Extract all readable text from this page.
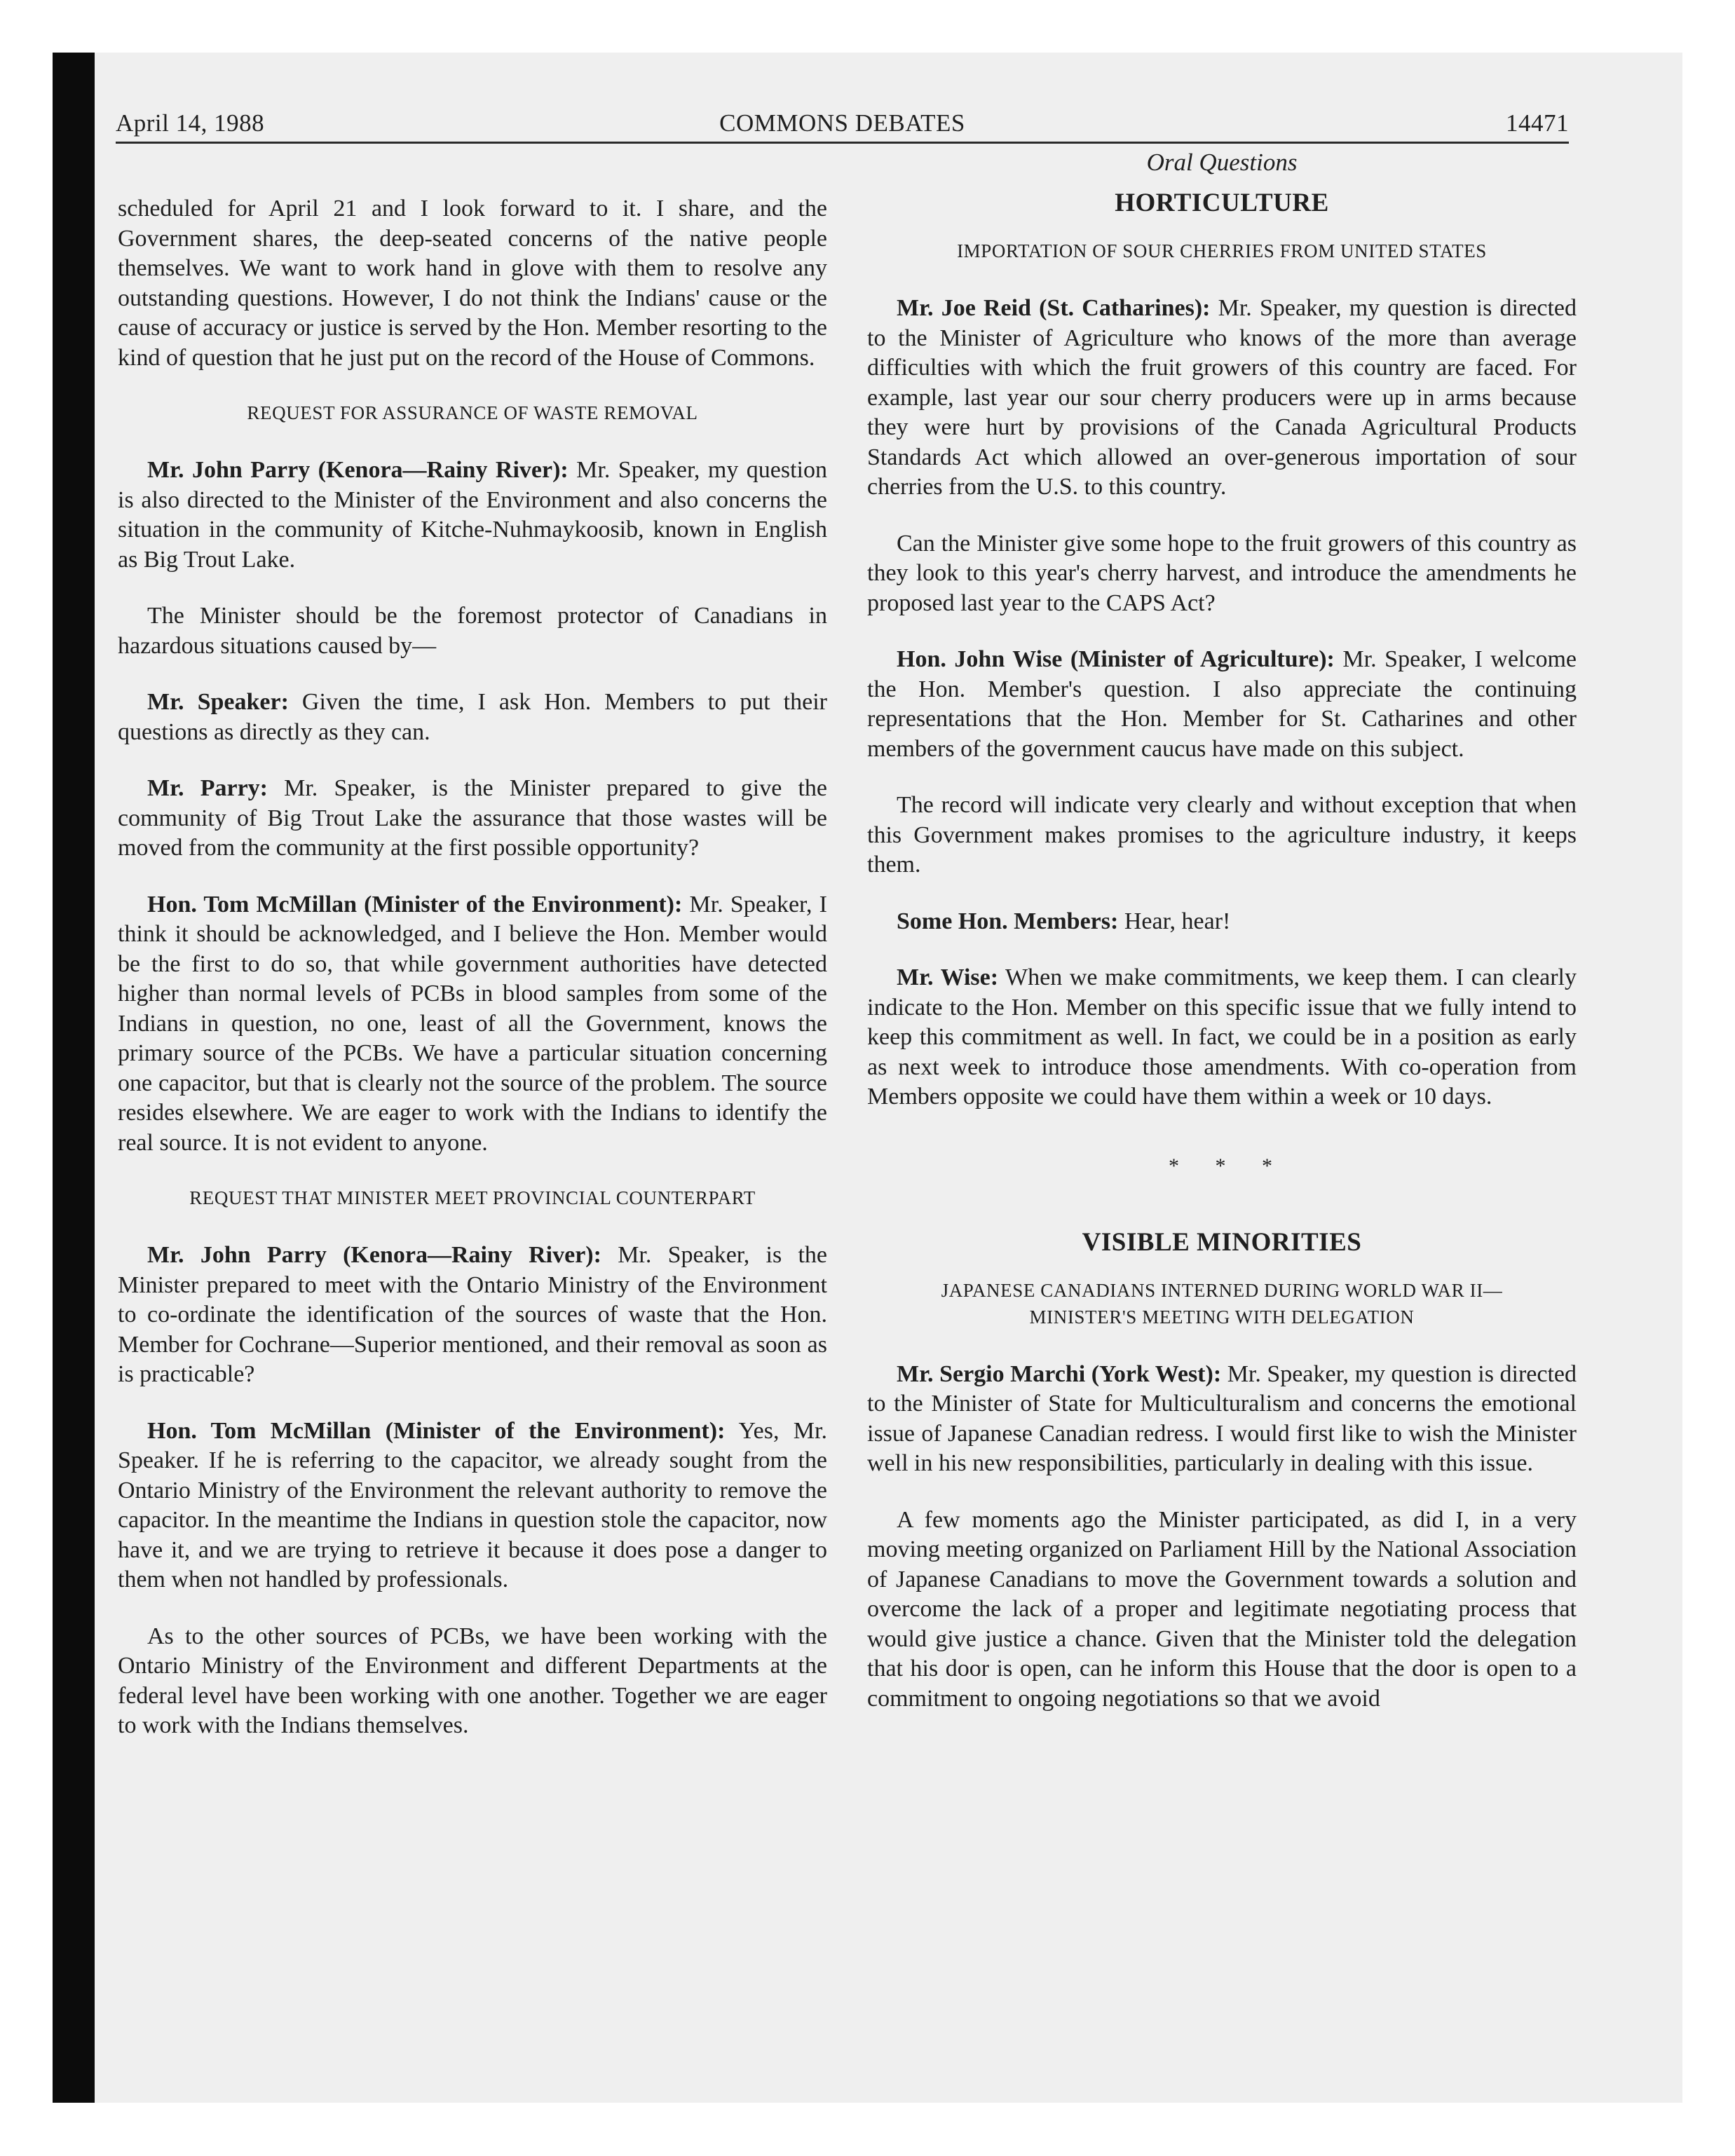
April 14, 1988	COMMONS DEBATES	14471

scheduled for April 21 and I look forward to it. I share, and the Government shares, the deep-seated concerns of the native people themselves. We want to work hand in glove with them to resolve any outstanding questions. However, I do not think the Indians' cause or the cause of accuracy or justice is served by the Hon. Member resorting to the kind of question that he just put on the record of the House of Commons.

REQUEST FOR ASSURANCE OF WASTE REMOVAL

Mr. John Parry (Kenora—Rainy River): Mr. Speaker, my question is also directed to the Minister of the Environment and also concerns the situation in the community of Kitche-Nuhmaykoosib, known in English as Big Trout Lake.

The Minister should be the foremost protector of Canadians in hazardous situations caused by—

Mr. Speaker: Given the time, I ask Hon. Members to put their questions as directly as they can.

Mr. Parry: Mr. Speaker, is the Minister prepared to give the community of Big Trout Lake the assurance that those wastes will be moved from the community at the first possible opportunity?

Hon. Tom McMillan (Minister of the Environment): Mr. Speaker, I think it should be acknowledged, and I believe the Hon. Member would be the first to do so, that while government authorities have detected higher than normal levels of PCBs in blood samples from some of the Indians in question, no one, least of all the Government, knows the primary source of the PCBs. We have a particular situation concerning one capacitor, but that is clearly not the source of the problem. The source resides elsewhere. We are eager to work with the Indians to identify the real source. It is not evident to anyone.

REQUEST THAT MINISTER MEET PROVINCIAL COUNTERPART

Mr. John Parry (Kenora—Rainy River): Mr. Speaker, is the Minister prepared to meet with the Ontario Ministry of the Environment to co-ordinate the identification of the sources of waste that the Hon. Member for Cochrane—Superior mentioned, and their removal as soon as is practicable?

Hon. Tom McMillan (Minister of the Environment): Yes, Mr. Speaker. If he is referring to the capacitor, we already sought from the Ontario Ministry of the Environment the relevant authority to remove the capacitor. In the meantime the Indians in question stole the capacitor, now have it, and we are trying to retrieve it because it does pose a danger to them when not handled by professionals.

As to the other sources of PCBs, we have been working with the Ontario Ministry of the Environment and different Departments at the federal level have been working with one another. Together we are eager to work with the Indians themselves.

Oral Questions
HORTICULTURE
IMPORTATION OF SOUR CHERRIES FROM UNITED STATES

Mr. Joe Reid (St. Catharines): Mr. Speaker, my question is directed to the Minister of Agriculture who knows of the more than average difficulties with which the fruit growers of this country are faced. For example, last year our sour cherry producers were up in arms because they were hurt by provisions of the Canada Agricultural Products Standards Act which allowed an over-generous importation of sour cherries from the U.S. to this country.

Can the Minister give some hope to the fruit growers of this country as they look to this year's cherry harvest, and introduce the amendments he proposed last year to the CAPS Act?

Hon. John Wise (Minister of Agriculture): Mr. Speaker, I welcome the Hon. Member's question. I also appreciate the continuing representations that the Hon. Member for St. Catharines and other members of the government caucus have made on this subject.

The record will indicate very clearly and without exception that when this Government makes promises to the agriculture industry, it keeps them.

Some Hon. Members: Hear, hear!

Mr. Wise: When we make commitments, we keep them. I can clearly indicate to the Hon. Member on this specific issue that we fully intend to keep this commitment as well. In fact, we could be in a position as early as next week to introduce those amendments. With co-operation from Members opposite we could have them within a week or 10 days.

* * *
VISIBLE MINORITIES
JAPANESE CANADIANS INTERNED DURING WORLD WAR II—
MINISTER'S MEETING WITH DELEGATION

Mr. Sergio Marchi (York West): Mr. Speaker, my question is directed to the Minister of State for Multiculturalism and concerns the emotional issue of Japanese Canadian redress. I would first like to wish the Minister well in his new responsibilities, particularly in dealing with this issue.

A few moments ago the Minister participated, as did I, in a very moving meeting organized on Parliament Hill by the National Association of Japanese Canadians to move the Government towards a solution and overcome the lack of a proper and legitimate negotiating process that would give justice a chance. Given that the Minister told the delegation that his door is open, can he inform this House that the door is open to a commitment to ongoing negotiations so that we avoid
